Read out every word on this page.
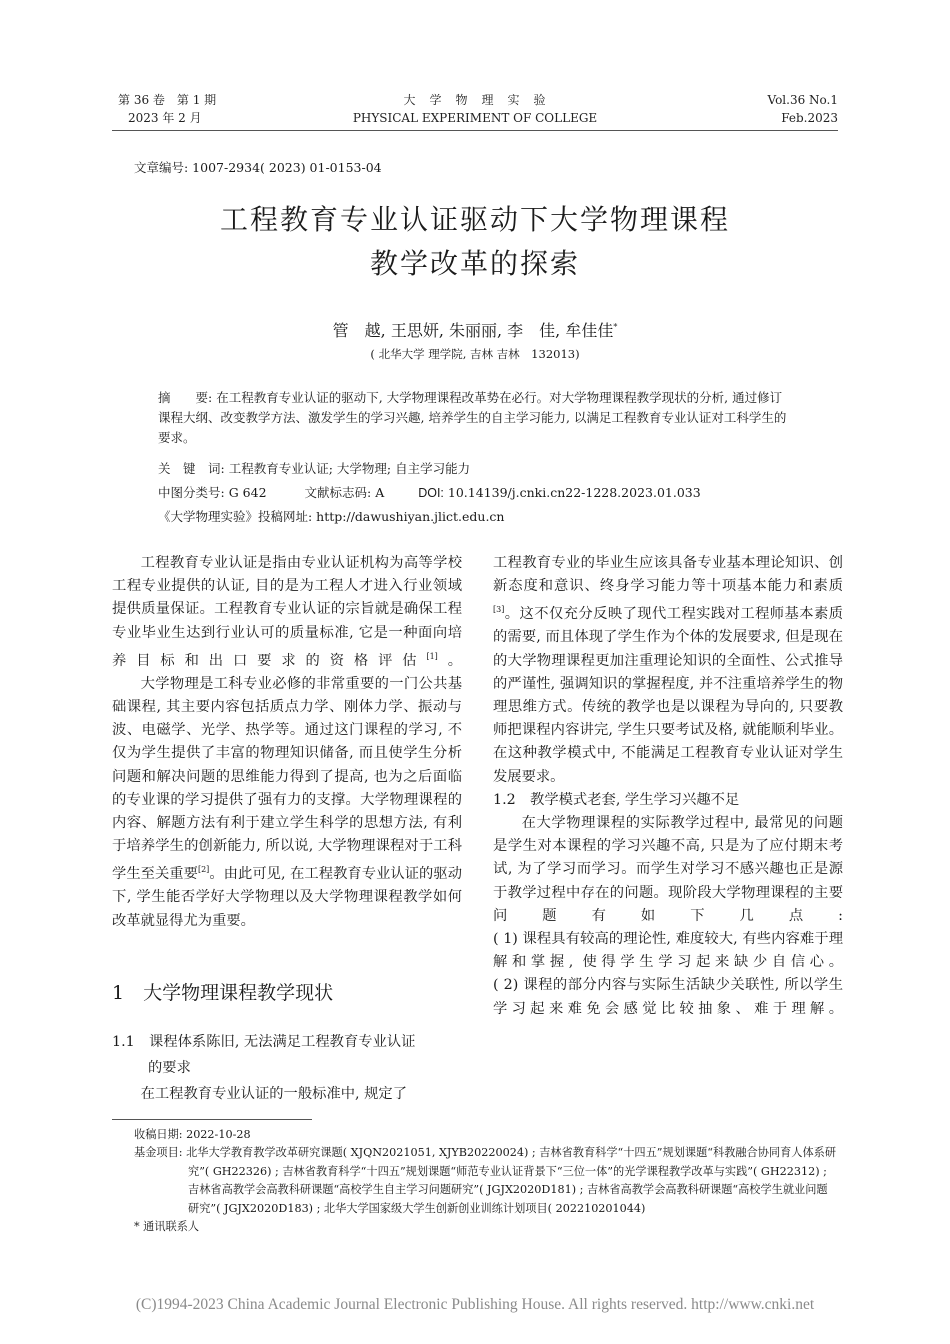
第 36 卷　第 1 期
2023 年 2 月
大　学　物　理　实　验
PHYSICAL EXPERIMENT OF COLLEGE
Vol.36 No.1
Feb.2023
文章编号: 1007-2934( 2023) 01-0153-04
工程教育专业认证驱动下大学物理课程
教学改革的探索
管　越, 王思妍, 朱丽丽, 李　佳, 牟佳佳*
( 北华大学 理学院, 吉林 吉林　132013)
摘　　要: 在工程教育专业认证的驱动下, 大学物理课程改革势在必行。对大学物理课程教学现状的分析, 通过修订课程大纲、改变教学方法、激发学生的学习兴趣, 培养学生的自主学习能力, 以满足工程教育专业认证对工科学生的要求。
关　键　词: 工程教育专业认证; 大学物理; 自主学习能力
中图分类号: G 642	文献标志码: A	DOI: 10.14139/j.cnki.cn22-1228.2023.01.033
《大学物理实验》投稿网址: http://dawushiyan.jlict.edu.cn

工程教育专业认证是指由专业认证机构为高等学校工程专业提供的认证, 目的是为工程人才进入行业领域提供质量保证。工程教育专业认证的宗旨就是确保工程专业毕业生达到行业认可的质量标准, 它是一种面向培养目标和出口要求的资格评估[1]。

大学物理是工科专业必修的非常重要的一门公共基础课程, 其主要内容包括质点力学、刚体力学、振动与波、电磁学、光学、热学等。通过这门课程的学习, 不仅为学生提供了丰富的物理知识储备, 而且使学生分析问题和解决问题的思维能力得到了提高, 也为之后面临的专业课的学习提供了强有力的支撑。大学物理课程的内容、解题方法有利于建立学生科学的思想方法, 有利于培养学生的创新能力, 所以说, 大学物理课程对于工科学生至关重要[2]。由此可见, 在工程教育专业认证的驱动下, 学生能否学好大学物理以及大学物理课程教学如何改革就显得尤为重要。

1　大学物理课程教学现状
1.1　课程体系陈旧, 无法满足工程教育专业认证
的要求

在工程教育专业认证的一般标准中, 规定了

工程教育专业的毕业生应该具备专业基本理论知识、创新态度和意识、终身学习能力等十项基本能力和素质[3]。这不仅充分反映了现代工程实践对工程师基本素质的需要, 而且体现了学生作为个体的发展要求, 但是现在的大学物理课程更加注重理论知识的全面性、公式推导的严谨性, 强调知识的掌握程度, 并不注重培养学生的物理思维方式。传统的教学也是以课程为导向的, 只要教师把课程内容讲完, 学生只要考试及格, 就能顺利毕业。在这种教学模式中, 不能满足工程教育专业认证对学生发展要求。

1.2　教学模式老套, 学生学习兴趣不足

在大学物理课程的实际教学过程中, 最常见的问题是学生对本课程的学习兴趣不高, 只是为了应付期末考试, 为了学习而学习。而学生对学习不感兴趣也正是源于教学过程中存在的问题。现阶段大学物理课程的主要问题有如下几点:

( 1) 课程具有较高的理论性, 难度较大, 有些内容难于理解和掌握, 使得学生学习起来缺少自信心。

( 2) 课程的部分内容与实际生活缺少关联性, 所以学生学习起来难免会感觉比较抽象、难于理解。

收稿日期: 2022-10-28
基金项目: 北华大学教育教学改革研究课题( XJQN2021051, XJYB20220024) ; 吉林省教育科学“十四五”规划课题“科教融合协同育人体系研究”( GH22326) ; 吉林省教育科学“十四五”规划课题“师范专业认证背景下“三位一体”的光学课程教学改革与实践”( GH22312) ; 吉林省高教学会高教科研课题“高校学生自主学习问题研究”( JGJX2020D181) ; 吉林省高教学会高教科研课题“高校学生就业问题研究”( JGJX2020D183) ; 北华大学国家级大学生创新创业训练计划项目( 202210201044)
* 通讯联系人
(C)1994-2023 China Academic Journal Electronic Publishing House. All rights reserved. http://www.cnki.net
